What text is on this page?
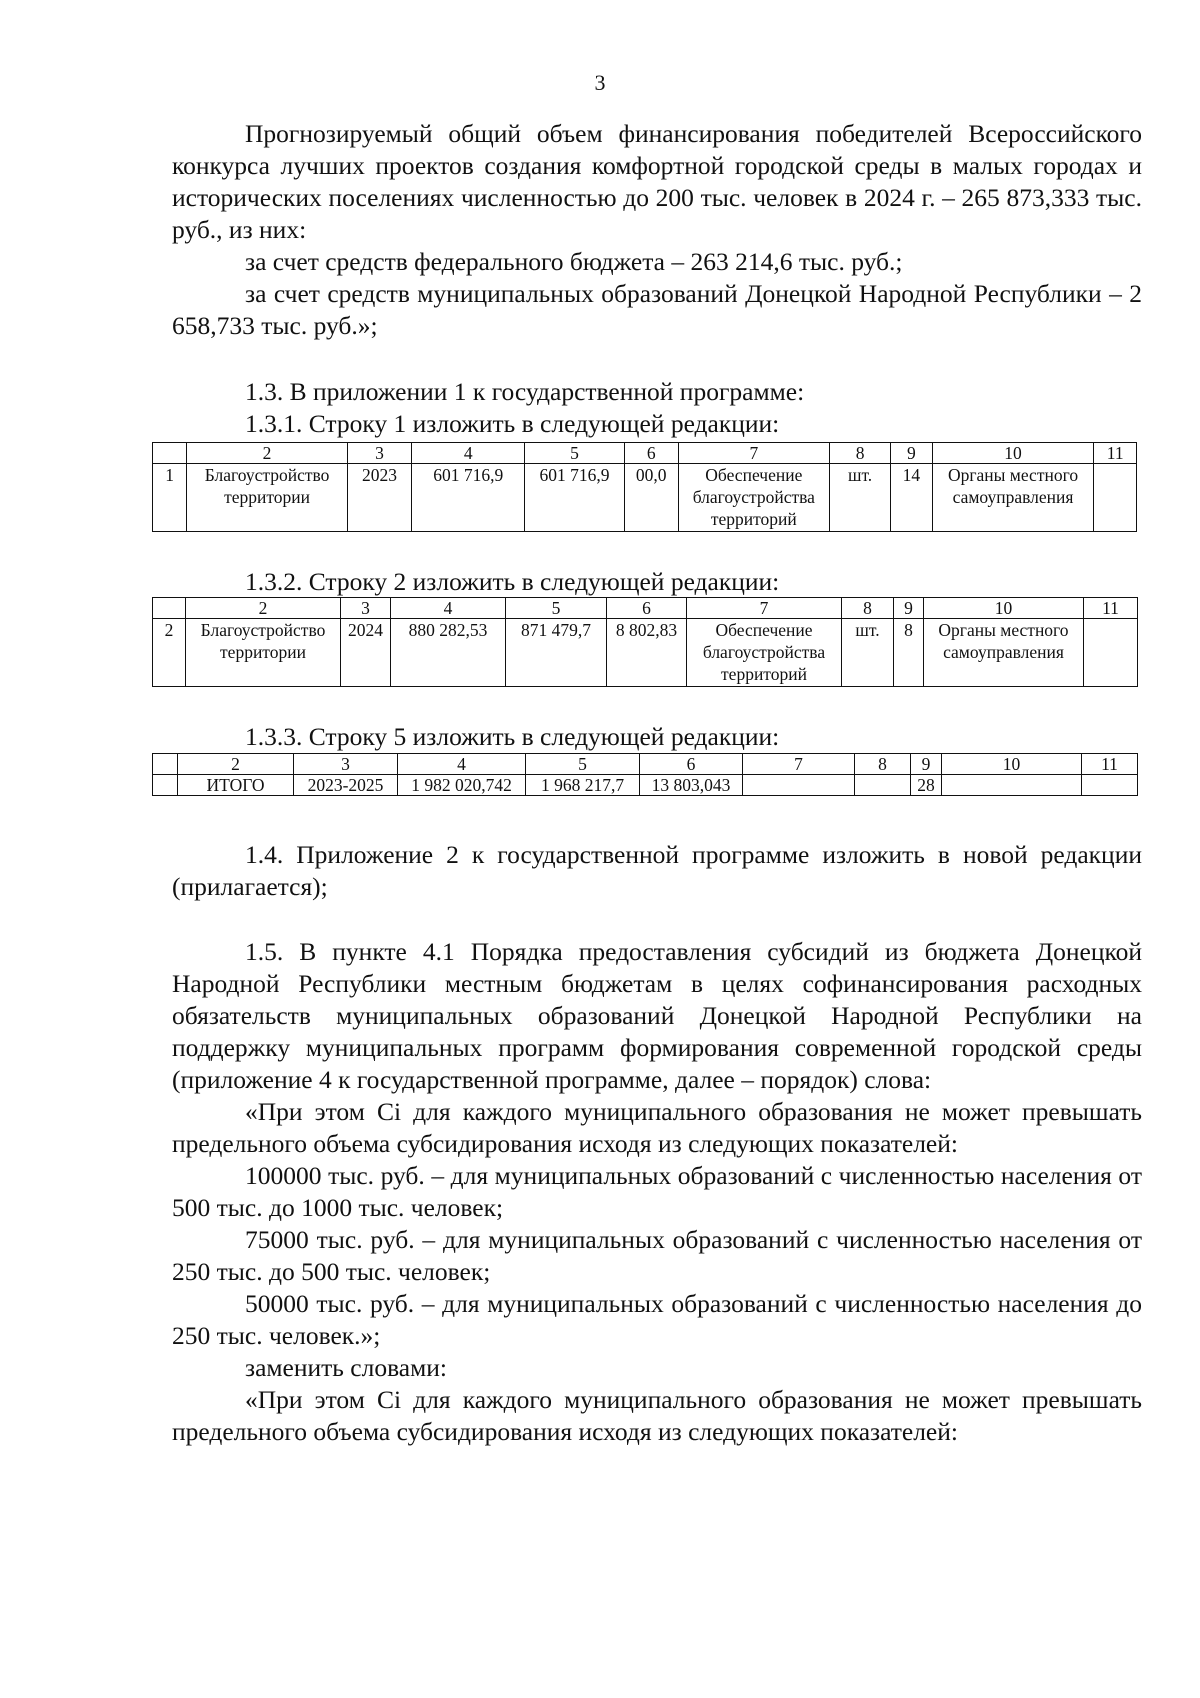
3

Прогнозируемый общий объем финансирования победителей Всероссийского конкурса лучших проектов создания комфортной городской среды в малых городах и исторических поселениях численностью до 200 тыс. человек в 2024 г. – 265 873,333 тыс. руб., из них:

за счет средств федерального бюджета – 263 214,6 тыс. руб.;

за счет средств муниципальных образований Донецкой Народной Республики – 2 658,733 тыс. руб.»;

1.3. В приложении 1 к государственной программе:

1.3.1. Строку 1 изложить в следующей редакции:

	2	3	4	5	6	7	8	9	10	11
1	Благоустройство территории	2023	601 716,9	601 716,9	00,0	Обеспечение благоустройства территорий	шт.	14	Органы местного самоуправления	

1.3.2. Строку 2 изложить в следующей редакции:

	2	3	4	5	6	7	8	9	10	11
2	Благоустройство территории	2024	880 282,53	871 479,7	8 802,83	Обеспечение благоустройства территорий	шт.	8	Органы местного самоуправления	

1.3.3. Строку 5 изложить в следующей редакции:

	2	3	4	5	6	7	8	9	10	11
	ИТОГО	2023-2025	1 982 020,742	1 968 217,7	13 803,043			28		

1.4. Приложение 2 к государственной программе изложить в новой редакции (прилагается);

1.5. В пункте 4.1 Порядка предоставления субсидий из бюджета Донецкой Народной Республики местным бюджетам в целях софинансирования расходных обязательств муниципальных образований Донецкой Народной Республики на поддержку муниципальных программ формирования современной городской среды (приложение 4 к государственной программе, далее – порядок) слова:

«При этом Ci для каждого муниципального образования не может превышать предельного объема субсидирования исходя из следующих показателей:

100000 тыс. руб. – для муниципальных образований с численностью населения от 500 тыс. до 1000 тыс. человек;

75000 тыс. руб. – для муниципальных образований с численностью населения от 250 тыс. до 500 тыс. человек;

50000 тыс. руб. – для муниципальных образований с численностью населения до 250 тыс. человек.»;

заменить словами:

«При этом Ci для каждого муниципального образования не может превышать предельного объема субсидирования исходя из следующих показателей:
